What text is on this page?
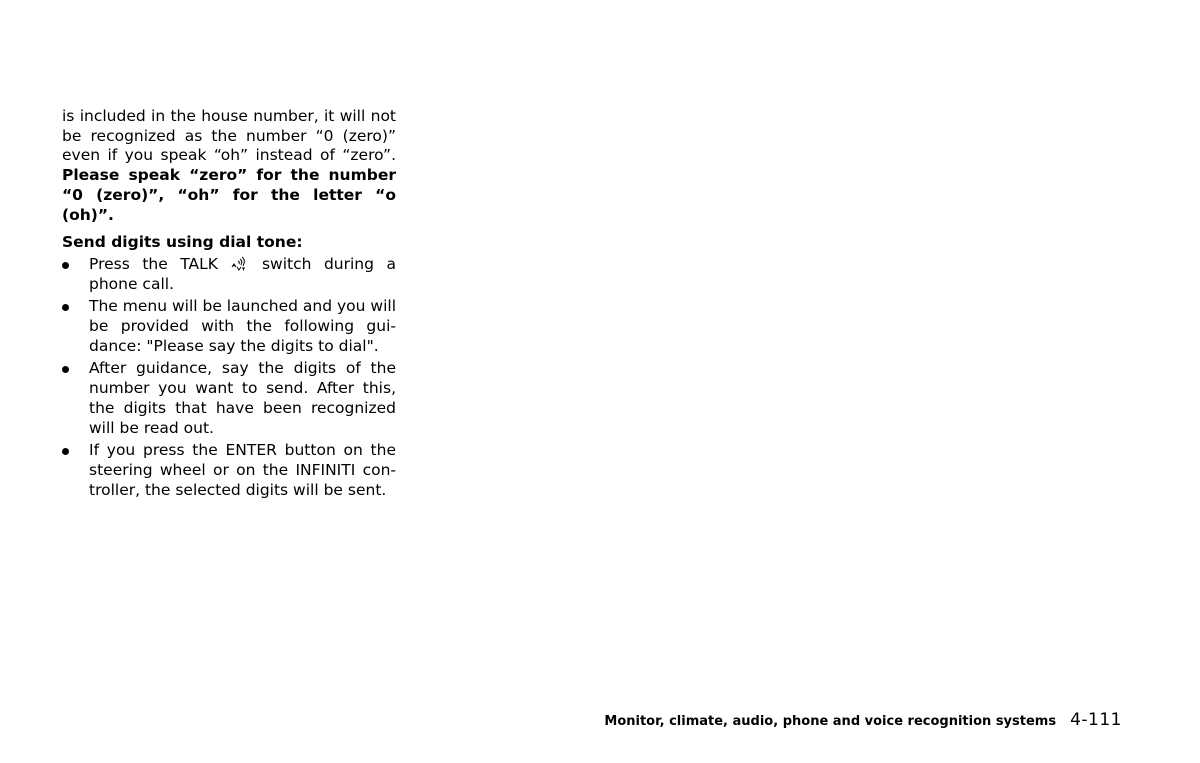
is included in the house number, it will not be recognized as the number “0 (zero)” even if you speak “oh” instead of “zero”. Please speak “zero” for the number “0 (zero)”, “oh” for the letter “o (oh)”.

Send digits using dial tone:
Press the TALK	switch during a phone call.
The menu will be launched and you will be provided with the following gui- dance: "Please say the digits to dial".
After guidance, say the digits of the number you want to send. After this, the digits that have been recognized will be read out.
If you press the ENTER button on the steering wheel or on the INFINITI con- troller, the selected digits will be sent.
Monitor, climate, audio, phone and voice recognition systems 4-111
